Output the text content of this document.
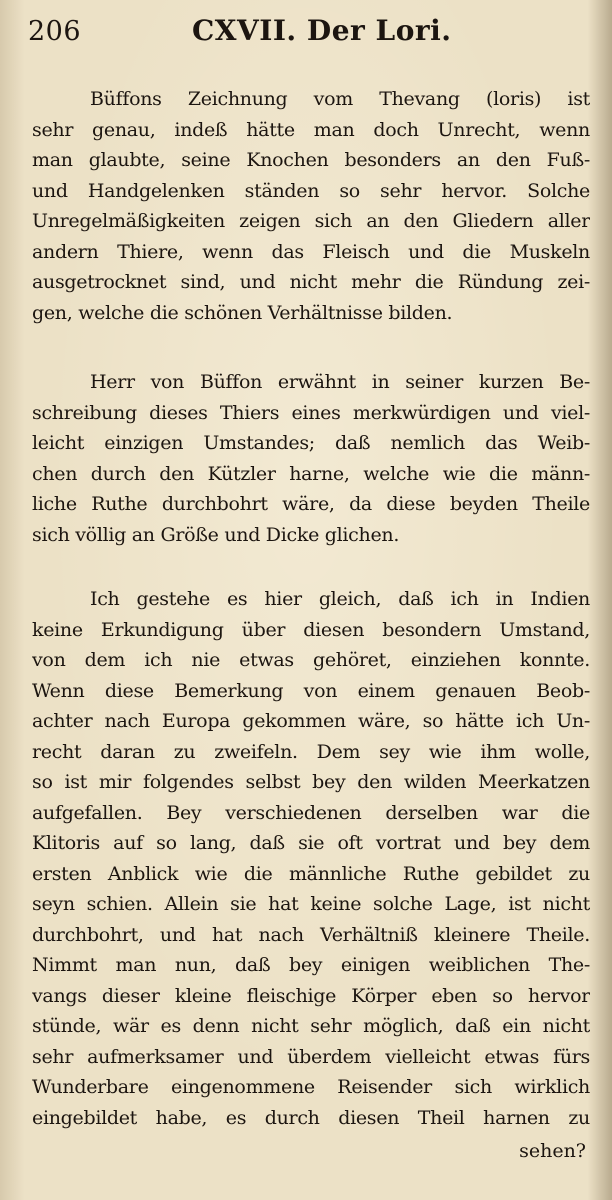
206	CXVII. Der Lori.
Büffons Zeichnung vom Thevang (loris) ist
sehr genau, indeß hätte man doch Unrecht, wenn
man glaubte, seine Knochen besonders an den Fuß-
und Handgelenken ständen so sehr hervor. Solche
Unregelmäßigkeiten zeigen sich an den Gliedern aller
andern Thiere, wenn das Fleisch und die Muskeln
ausgetrocknet sind, und nicht mehr die Ründung zei-
gen, welche die schönen Verhältnisse bilden.
Herr von Büffon erwähnt in seiner kurzen Be-
schreibung dieses Thiers eines merkwürdigen und viel-
leicht einzigen Umstandes; daß nemlich das Weib-
chen durch den Kützler harne, welche wie die männ-
liche Ruthe durchbohrt wäre, da diese beyden Theile
sich völlig an Größe und Dicke glichen.
Ich gestehe es hier gleich, daß ich in Indien
keine Erkundigung über diesen besondern Umstand,
von dem ich nie etwas gehöret, einziehen konnte.
Wenn diese Bemerkung von einem genauen Beob-
achter nach Europa gekommen wäre, so hätte ich Un-
recht daran zu zweifeln. Dem sey wie ihm wolle,
so ist mir folgendes selbst bey den wilden Meerkatzen
aufgefallen. Bey verschiedenen derselben war die
Klitoris auf so lang, daß sie oft vortrat und bey dem
ersten Anblick wie die männliche Ruthe gebildet zu
seyn schien. Allein sie hat keine solche Lage, ist nicht
durchbohrt, und hat nach Verhältniß kleinere Theile.
Nimmt man nun, daß bey einigen weiblichen The-
vangs dieser kleine fleischige Körper eben so hervor
stünde, wär es denn nicht sehr möglich, daß ein nicht
sehr aufmerksamer und überdem vielleicht etwas fürs
Wunderbare eingenommene Reisender sich wirklich
eingebildet habe, es durch diesen Theil harnen zu
sehen?
